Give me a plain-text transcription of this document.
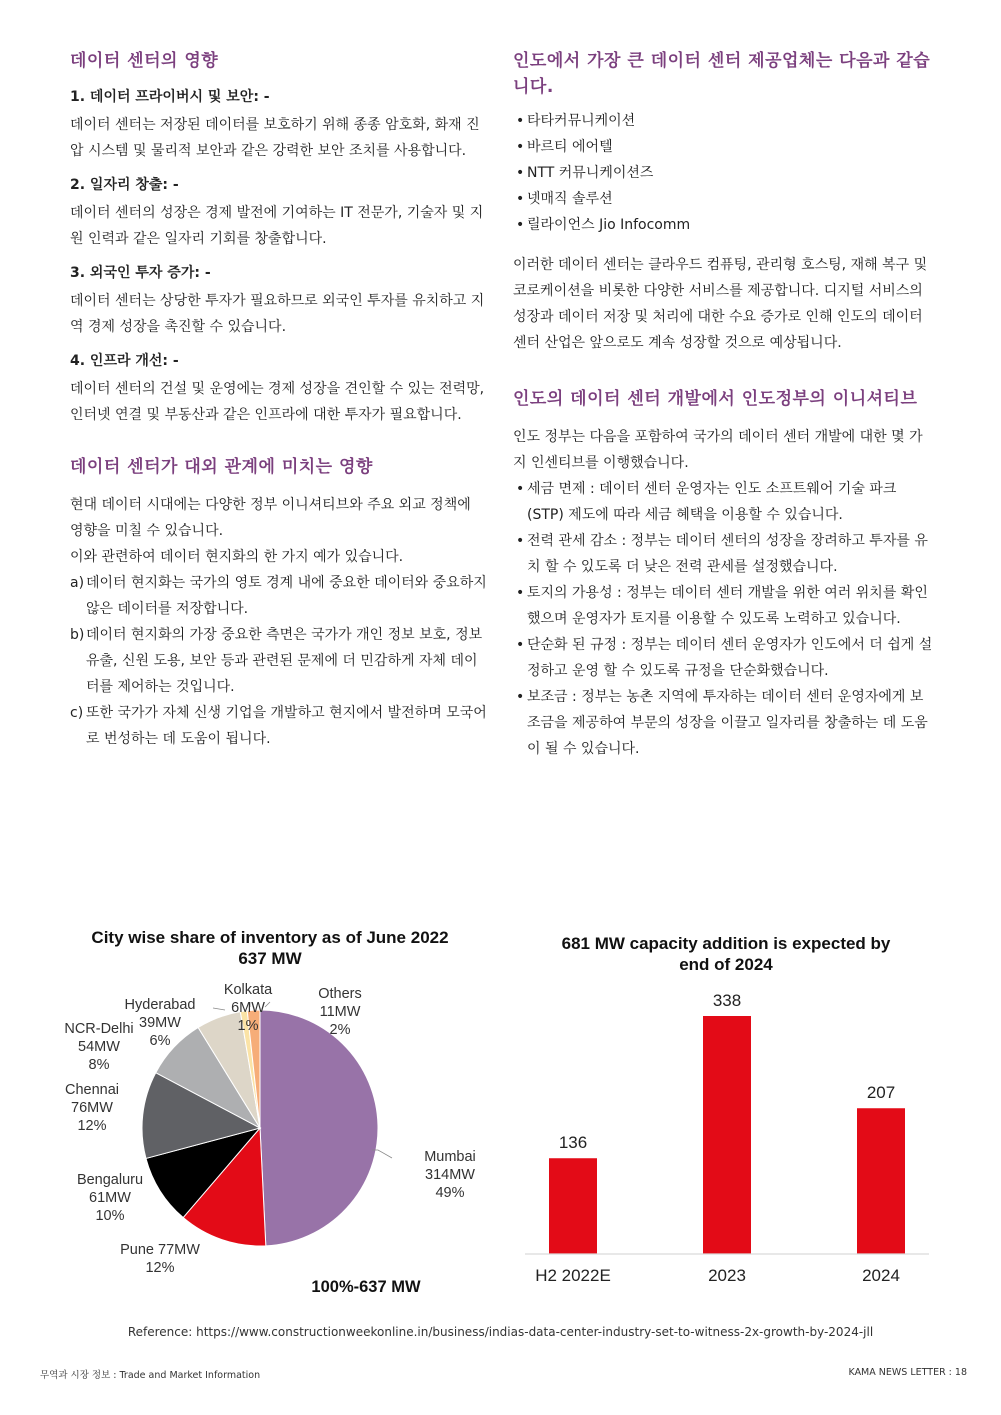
데이터 센터의 영향
1. 데이터 프라이버시 및 보안: -

데이터 센터는 저장된 데이터를 보호하기 위해 종종 암호화, 화재 진압 시스템 및 물리적 보안과 같은 강력한 보안 조치를 사용합니다.

2. 일자리 창출: -

데이터 센터의 성장은 경제 발전에 기여하는 IT 전문가, 기술자 및 지원 인력과 같은 일자리 기회를 창출합니다.

3. 외국인 투자 증가: -

데이터 센터는 상당한 투자가 필요하므로 외국인 투자를 유치하고 지역 경제 성장을 촉진할 수 있습니다.

4. 인프라 개선: -

데이터 센터의 건설 및 운영에는 경제 성장을 견인할 수 있는 전력망, 인터넷 연결 및 부동산과 같은 인프라에 대한 투자가 필요합니다.

데이터 센터가 대외 관계에 미치는 영향

현대 데이터 시대에는 다양한 정부 이니셔티브와 주요 외교 정책에 영향을 미칠 수 있습니다.

이와 관련하여 데이터 현지화의 한 가지 예가 있습니다.

a) 데이터 현지화는 국가의 영토 경계 내에 중요한 데이터와 중요하지 않은 데이터를 저장합니다.
b) 데이터 현지화의 가장 중요한 측면은 국가가 개인 정보 보호, 정보 유출, 신원 도용, 보안 등과 관련된 문제에 더 민감하게 자체 데이터를 제어하는 것입니다.
c) 또한 국가가 자체 신생 기업을 개발하고 현지에서 발전하며 모국어로 번성하는 데 도움이 됩니다.
인도에서 가장 큰 데이터 센터 제공업체는 다음과 같습니다.
• 타타커뮤니케이션
• 바르티 에어텔
• NTT 커뮤니케이션즈
• 넷매직 솔루션
• 릴라이언스 Jio Infocomm

이러한 데이터 센터는 클라우드 컴퓨팅, 관리형 호스팅, 재해 복구 및 코로케이션을 비롯한 다양한 서비스를 제공합니다. 디지털 서비스의 성장과 데이터 저장 및 처리에 대한 수요 증가로 인해 인도의 데이터 센터 산업은 앞으로도 계속 성장할 것으로 예상됩니다.

인도의 데이터 센터 개발에서 인도정부의 이니셔티브

인도 정부는 다음을 포함하여 국가의 데이터 센터 개발에 대한 몇 가지 인센티브를 이행했습니다.

• 세금 면제 : 데이터 센터 운영자는 인도 소프트웨어 기술 파크 (STP) 제도에 따라 세금 혜택을 이용할 수 있습니다.
• 전력 관세 감소 : 정부는 데이터 센터의 성장을 장려하고 투자를 유치 할 수 있도록 더 낮은 전력 관세를 설정했습니다.
• 토지의 가용성 : 정부는 데이터 센터 개발을 위한 여러 위치를 확인했으며 운영자가 토지를 이용할 수 있도록 노력하고 있습니다.
• 단순화 된 규정 : 정부는 데이터 센터 운영자가 인도에서 더 쉽게 설정하고 운영 할 수 있도록 규정을 단순화했습니다.
• 보조금 : 정부는 농촌 지역에 투자하는 데이터 센터 운영자에게 보조금을 제공하여 부문의 성장을 이끌고 일자리를 창출하는 데 도움이 될 수 있습니다.
City wise share of inventory as of June 2022
637 MW
Mumbai
314MW
49%
Pune 77MW
12%
Bengaluru
61MW
10%
Chennai
76MW
12%
NCR-Delhi
54MW
8%
Hyderabad
39MW
6%
Kolkata
6MW
1%
Others
11MW
2%
100%-637 MW
681 MW capacity addition is expected by
end of 2024
136
H2 2022E
338
2023
207
2024
Reference: https://www.constructionweekonline.in/business/indias-data-center-industry-set-to-witness-2x-growth-by-2024-jll
무역과 시장 정보 : Trade and Market Information	KAMA NEWS LETTER : 18
